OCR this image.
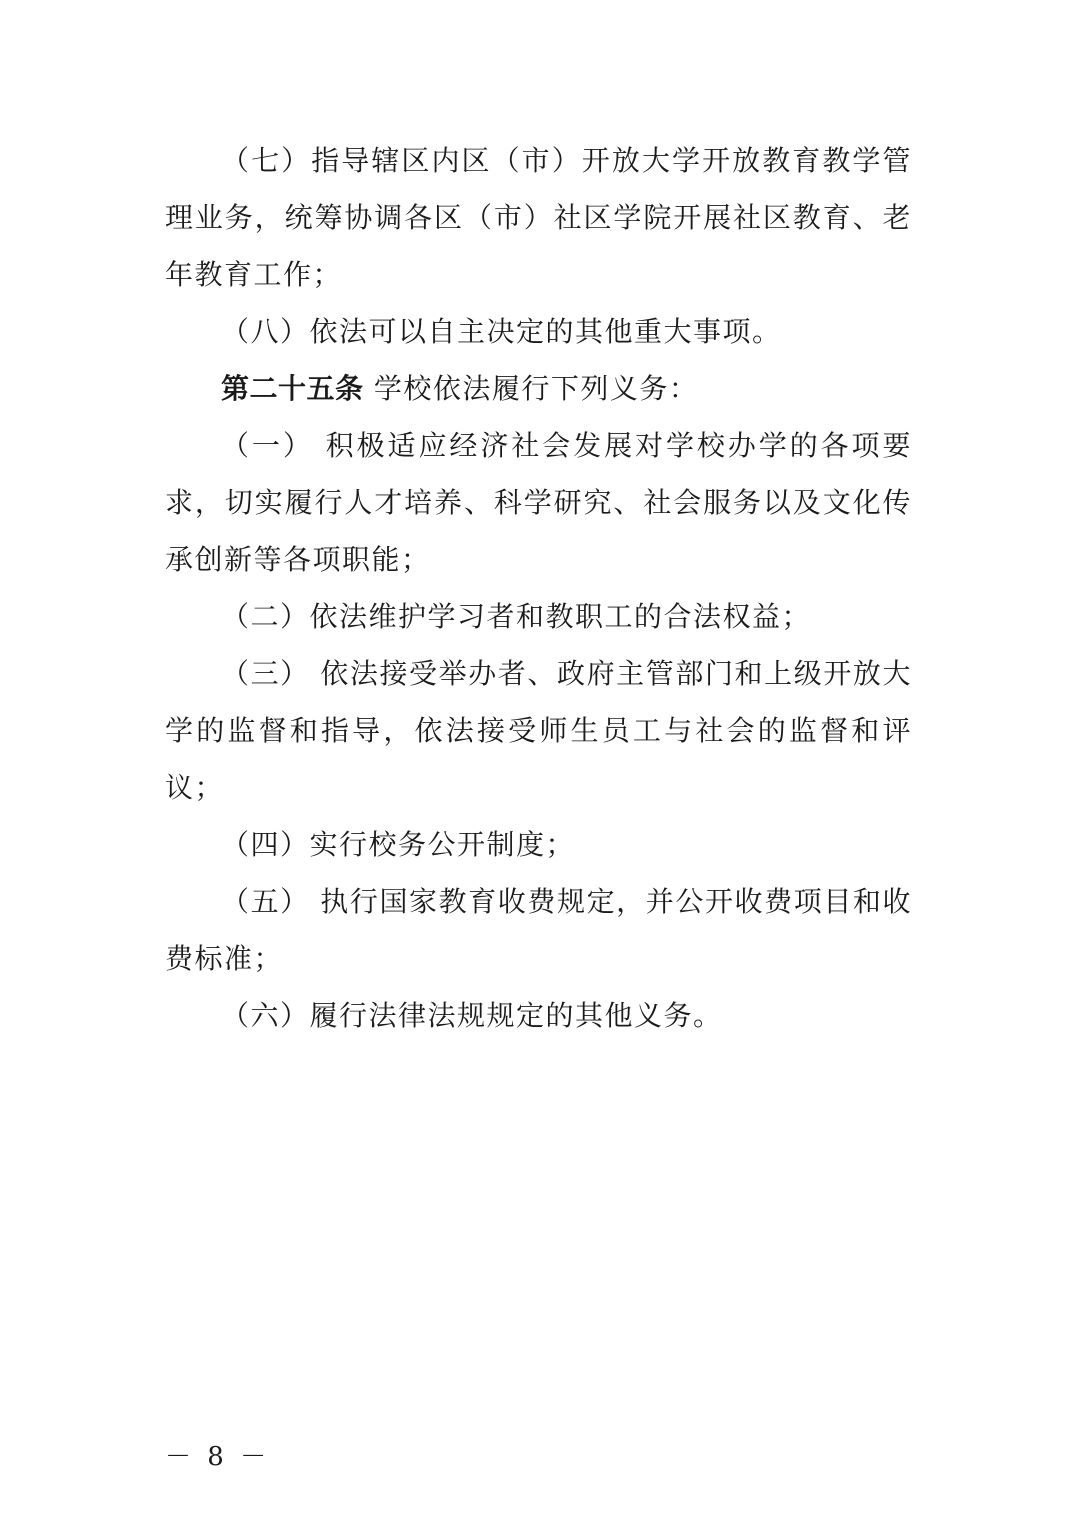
（七）指导辖区内区（市）开放大学开放教育教学管理业务，统筹协调各区（市）社区学院开展社区教育、老年教育工作；

（八）依法可以自主决定的其他重大事项。

第二十五条 学校依法履行下列义务：

（一） 积极适应经济社会发展对学校办学的各项要求，切实履行人才培养、科学研究、社会服务以及文化传承创新等各项职能；

（二）依法维护学习者和教职工的合法权益；

（三） 依法接受举办者、政府主管部门和上级开放大学的监督和指导，依法接受师生员工与社会的监督和评议；

（四）实行校务公开制度；

（五） 执行国家教育收费规定，并公开收费项目和收费标准；

（六）履行法律法规规定的其他义务。

－ 8 －
